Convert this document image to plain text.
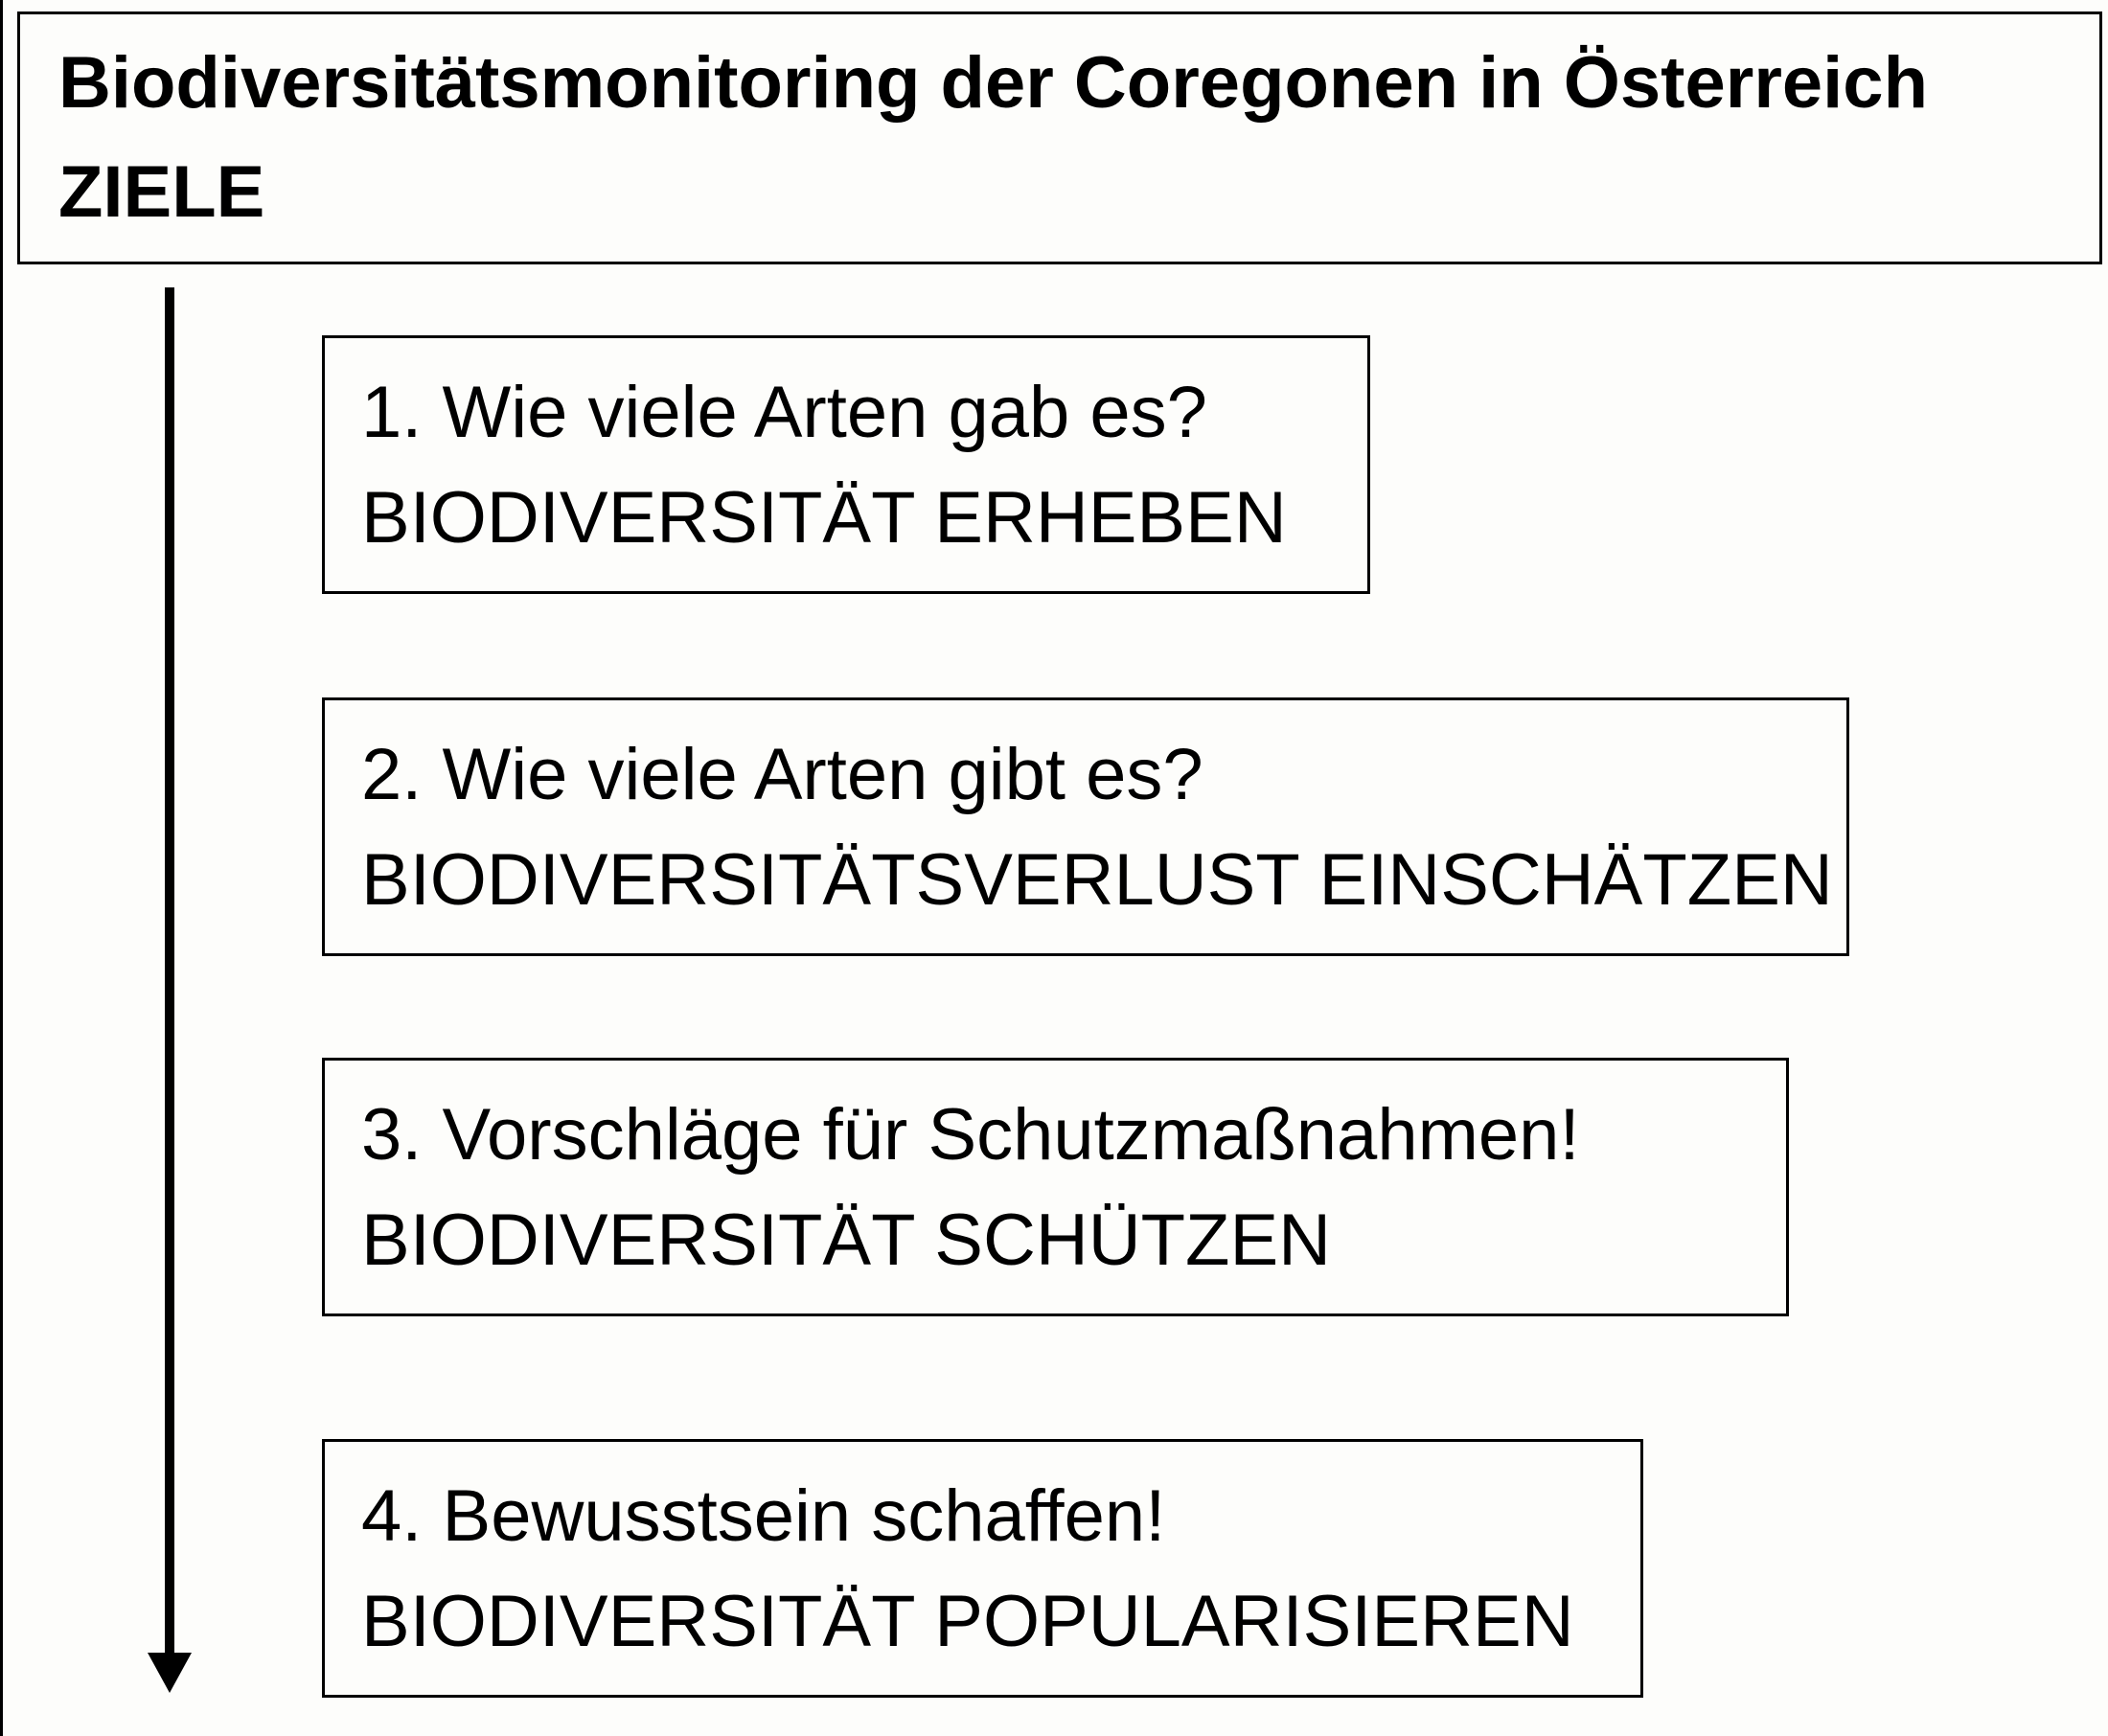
Biodiversitätsmonitoring der Coregonen in Österreich
ZIELE
1. Wie viele Arten gab es?
BIODIVERSITÄT ERHEBEN
2. Wie viele Arten gibt es?
BIODIVERSITÄTSVERLUST EINSCHÄTZEN
3. Vorschläge für Schutzmaßnahmen!
BIODIVERSITÄT SCHÜTZEN
4. Bewusstsein schaffen!
BIODIVERSITÄT POPULARISIEREN
